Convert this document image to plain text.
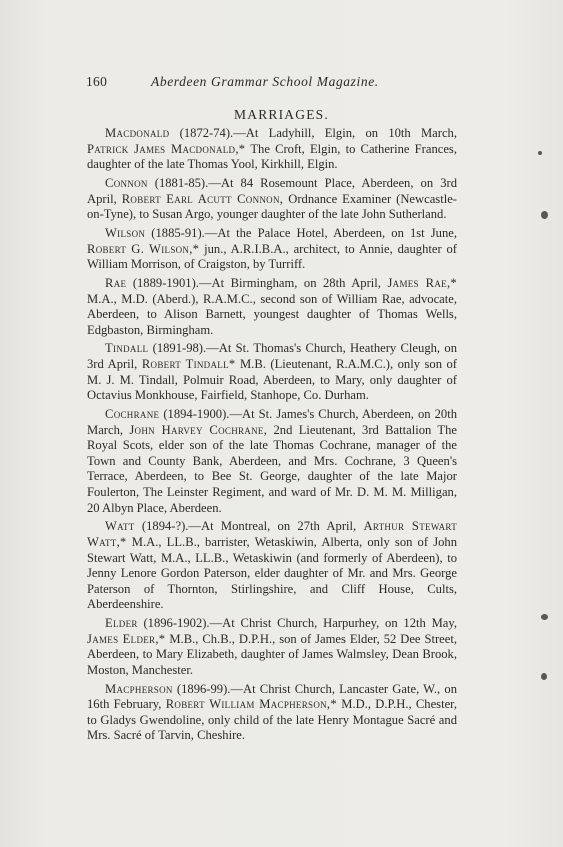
160	Aberdeen Grammar School Magazine.
MARRIAGES.

Macdonald (1872-74).—At Ladyhill, Elgin, on 10th March, Patrick James Macdonald,* The Croft, Elgin, to Catherine Frances, daughter of the late Thomas Yool, Kirkhill, Elgin.

Connon (1881-85).—At 84 Rosemount Place, Aberdeen, on 3rd April, Robert Earl Acutt Connon, Ordnance Examiner (Newcastle-on-Tyne), to Susan Argo, younger daughter of the late John Sutherland.

Wilson (1885-91).—At the Palace Hotel, Aberdeen, on 1st June, Robert G. Wilson,* jun., A.R.I.B.A., architect, to Annie, daughter of William Morrison, of Craigston, by Turriff.

Rae (1889-1901).—At Birmingham, on 28th April, James Rae,* M.A., M.D. (Aberd.), R.A.M.C., second son of William Rae, advocate, Aberdeen, to Alison Barnett, youngest daughter of Thomas Wells, Edgbaston, Birmingham.

Tindall (1891-98).—At St. Thomas's Church, Heathery Cleugh, on 3rd April, Robert Tindall* M.B. (Lieutenant, R.A.M.C.), only son of M. J. M. Tindall, Polmuir Road, Aberdeen, to Mary, only daughter of Octavius Monkhouse, Fairfield, Stanhope, Co. Durham.

Cochrane (1894-1900).—At St. James's Church, Aberdeen, on 20th March, John Harvey Cochrane, 2nd Lieutenant, 3rd Battalion The Royal Scots, elder son of the late Thomas Cochrane, manager of the Town and County Bank, Aberdeen, and Mrs. Cochrane, 3 Queen's Terrace, Aberdeen, to Bee St. George, daughter of the late Major Foulerton, The Leinster Regiment, and ward of Mr. D. M. M. Milligan, 20 Albyn Place, Aberdeen.

Watt (1894-?).—At Montreal, on 27th April, Arthur Stewart Watt,* M.A., LL.B., barrister, Wetaskiwin, Alberta, only son of John Stewart Watt, M.A., LL.B., Wetaskiwin (and formerly of Aberdeen), to Jenny Lenore Gordon Paterson, elder daughter of Mr. and Mrs. George Paterson of Thornton, Stirlingshire, and Cliff House, Cults, Aberdeenshire.

Elder (1896-1902).—At Christ Church, Harpurhey, on 12th May, James Elder,* M.B., Ch.B., D.P.H., son of James Elder, 52 Dee Street, Aberdeen, to Mary Elizabeth, daughter of James Walmsley, Dean Brook, Moston, Manchester.

Macpherson (1896-99).—At Christ Church, Lancaster Gate, W., on 16th February, Robert William Macpherson,* M.D., D.P.H., Chester, to Gladys Gwendoline, only child of the late Henry Montague Sacré and Mrs. Sacré of Tarvin, Cheshire.
